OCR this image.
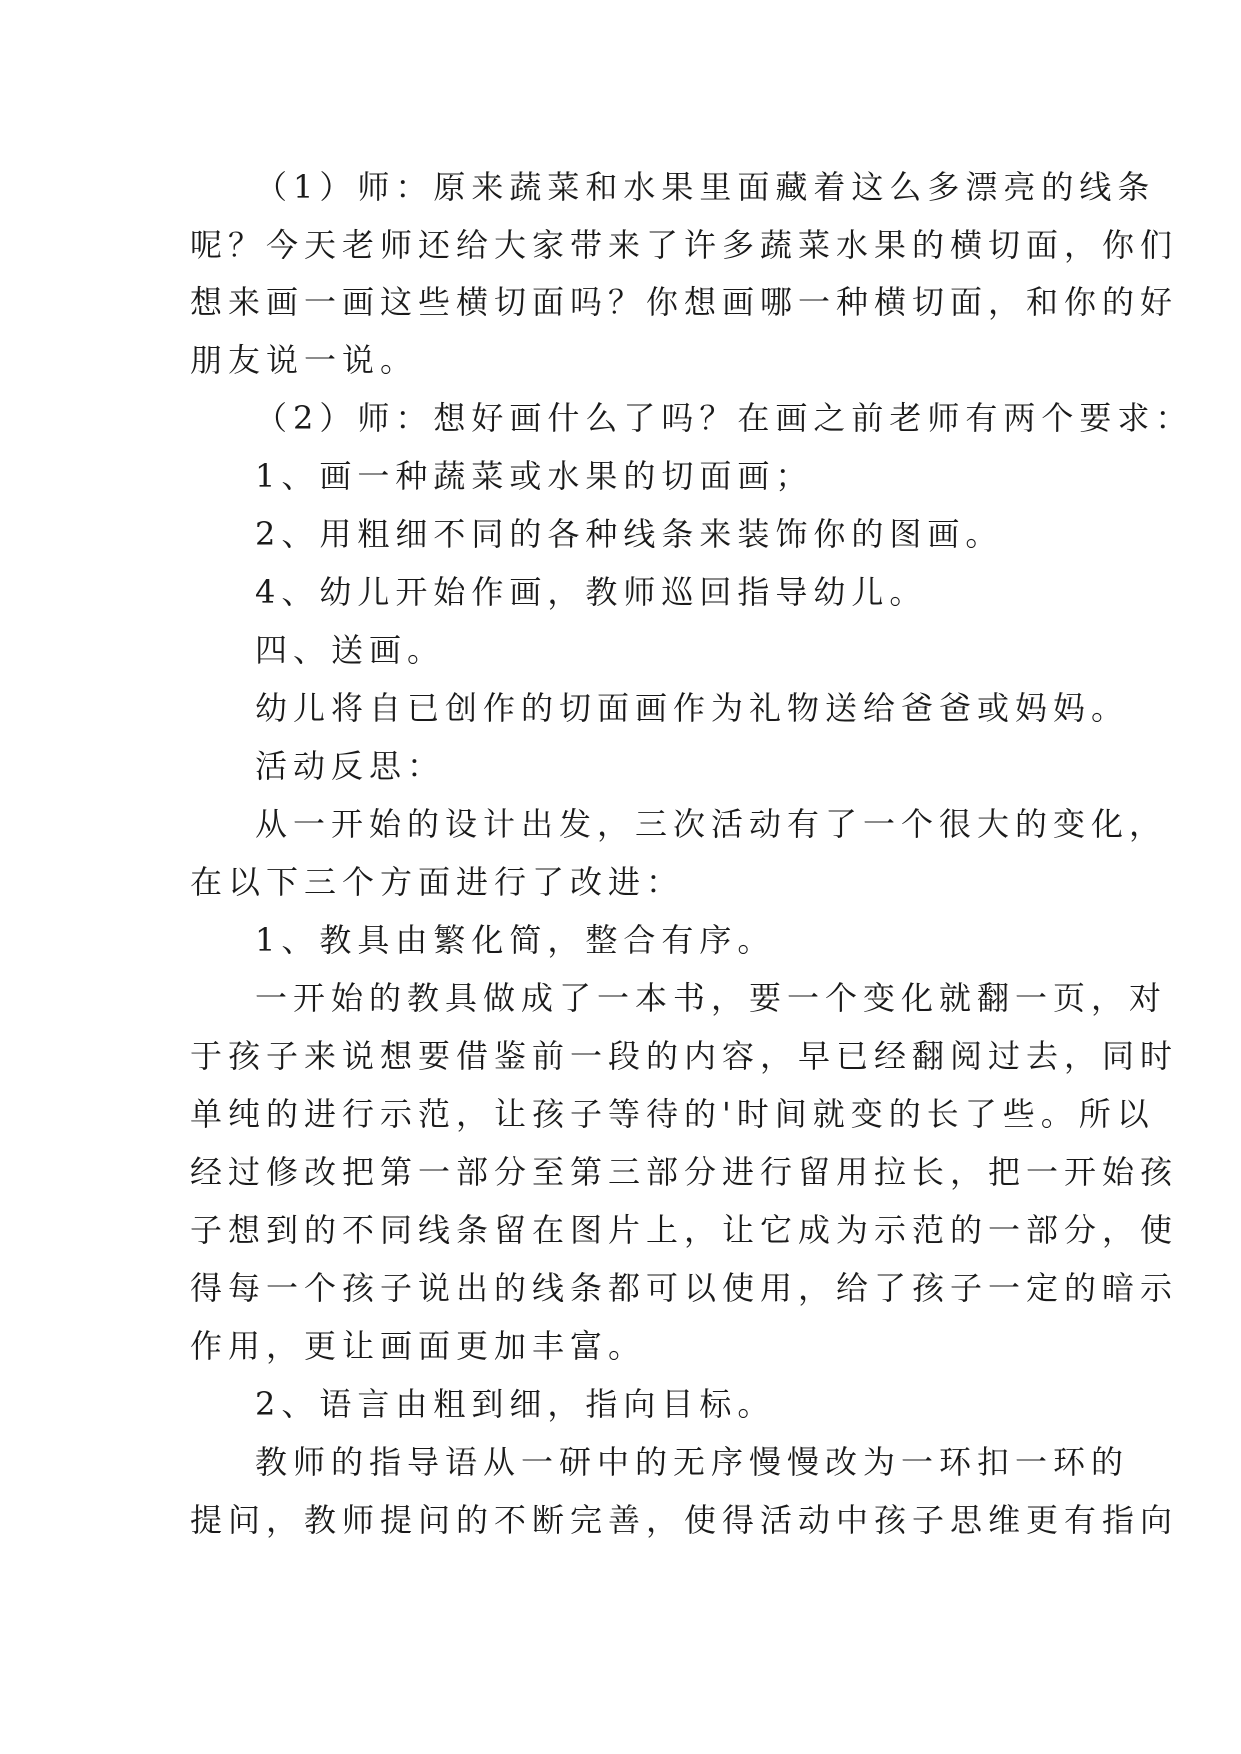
（1）师：原来蔬菜和水果里面藏着这么多漂亮的线条
呢？今天老师还给大家带来了许多蔬菜水果的横切面，你们
想来画一画这些横切面吗？你想画哪一种横切面，和你的好
朋友说一说。
（2）师：想好画什么了吗？在画之前老师有两个要求：
1、画一种蔬菜或水果的切面画；
2、用粗细不同的各种线条来装饰你的图画。
4、幼儿开始作画，教师巡回指导幼儿。
四、送画。
幼儿将自已创作的切面画作为礼物送给爸爸或妈妈。
活动反思：
从一开始的设计出发，三次活动有了一个很大的变化，
在以下三个方面进行了改进：
1、教具由繁化简，整合有序。
一开始的教具做成了一本书，要一个变化就翻一页，对
于孩子来说想要借鉴前一段的内容，早已经翻阅过去，同时
单纯的进行示范，让孩子等待的'时间就变的长了些。所以
经过修改把第一部分至第三部分进行留用拉长，把一开始孩
子想到的不同线条留在图片上，让它成为示范的一部分，使
得每一个孩子说出的线条都可以使用，给了孩子一定的暗示
作用，更让画面更加丰富。
2、语言由粗到细，指向目标。
教师的指导语从一研中的无序慢慢改为一环扣一环的
提问，教师提问的不断完善，使得活动中孩子思维更有指向
